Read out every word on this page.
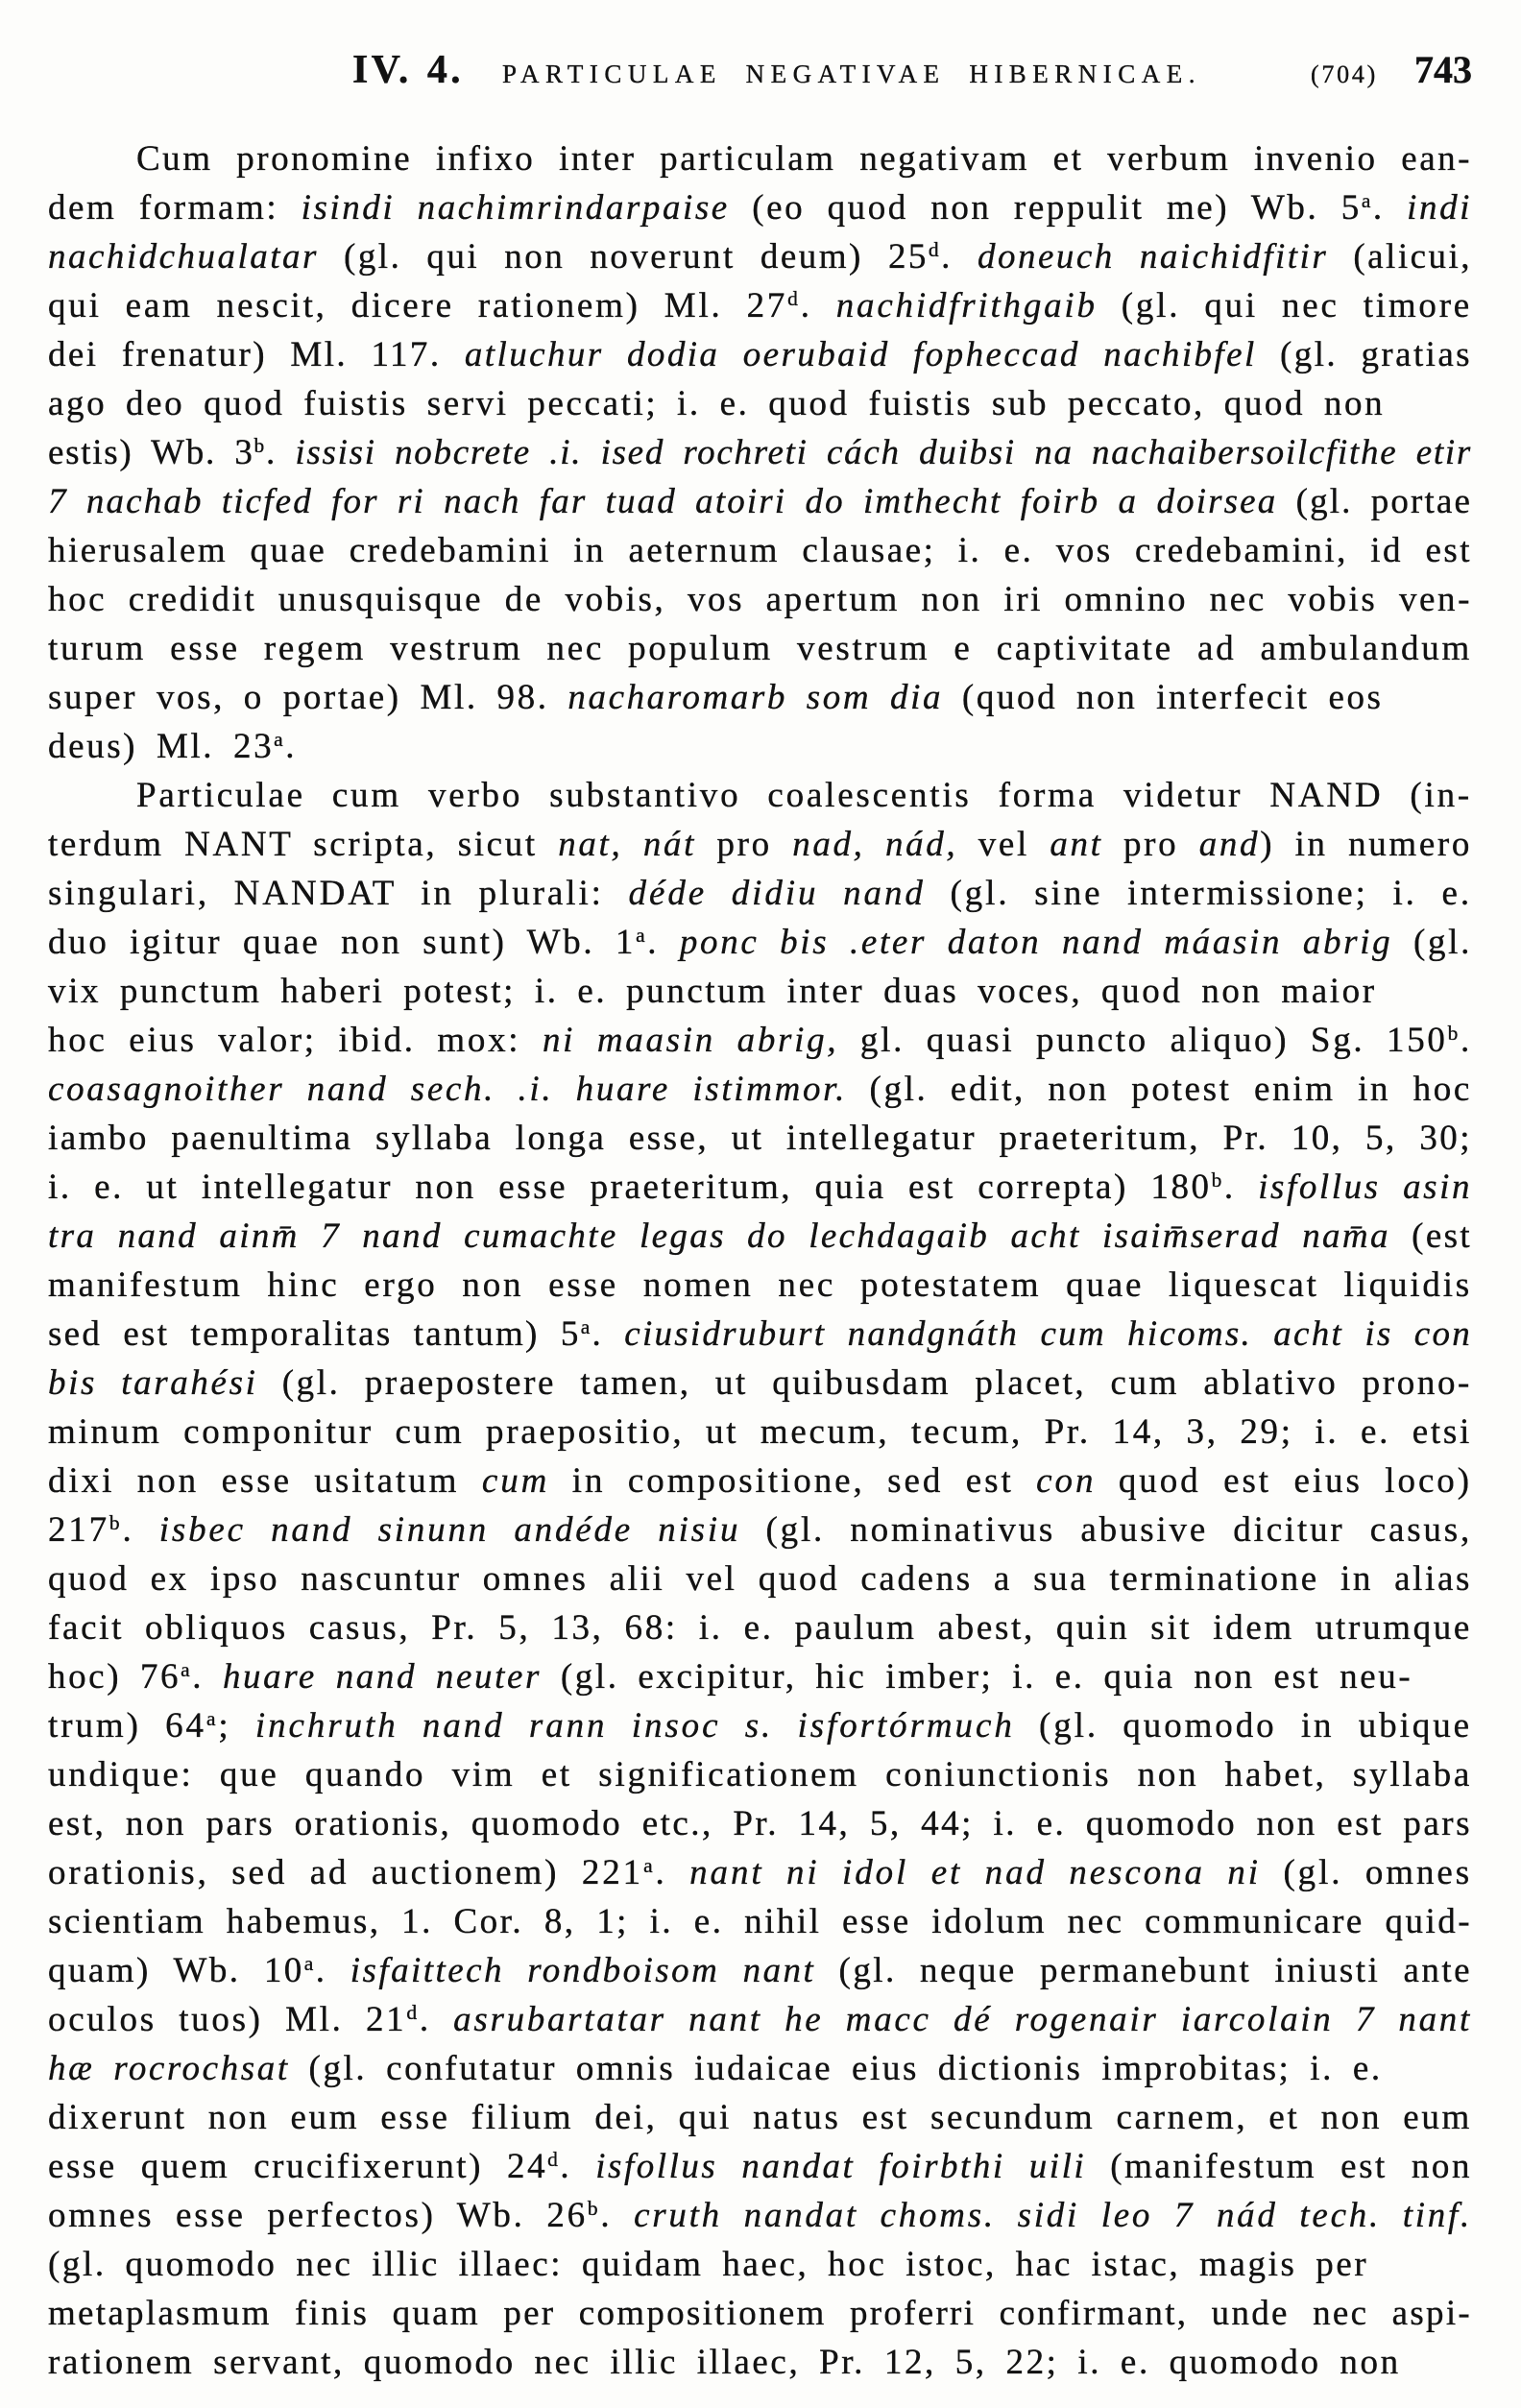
IV. 4. PARTICULAE NEGATIVAE HIBERNICAE.	(704) 743
Cum pronomine infixo inter particulam negativam et verbum invenio ean-
dem formam: isindi nachimrindarpaise (eo quod non reppulit me) Wb. 5$^a$. indi
nachidchualatar (gl. qui non noverunt deum) 25$^d$. doneuch naichidfitir (alicui,
qui eam nescit, dicere rationem) Ml. 27$^d$. nachidfrithgaib (gl. qui nec timore
dei frenatur) Ml. 117. atluchur dodia oerubaid fopheccad nachibfel (gl. gratias
ago deo quod fuistis servi peccati; i. e. quod fuistis sub peccato, quod non
estis) Wb. 3$^b$. issisi nobcrete .i. ised rochreti cách duibsi na nachaibersoilcfithe etir
7 nachab ticfed for ri nach far tuad atoiri do imthecht foirb a doirsea (gl. portae
hierusalem quae credebamini in aeternum clausae; i. e. vos credebamini, id est
hoc credidit unusquisque de vobis, vos apertum non iri omnino nec vobis ven-
turum esse regem vestrum nec populum vestrum e captivitate ad ambulandum
super vos, o portae) Ml. 98. nacharomarb som dia (quod non interfecit eos
deus) Ml. 23$^a$.
Particulae cum verbo substantivo coalescentis forma videtur NAND (in-
terdum NANT scripta, sicut nat, nát pro nad, nád, vel ant pro and) in numero
singulari, NANDAT in plurali: déde didiu nand (gl. sine intermissione; i. e.
duo igitur quae non sunt) Wb. 1$^a$. ponc bis .eter daton nand máasin abrig (gl.
vix punctum haberi potest; i. e. punctum inter duas voces, quod non maior
hoc eius valor; ibid. mox: ni maasin abrig, gl. quasi puncto aliquo) Sg. 150$^b$.
coasagnoither nand sech. .i. huare istimmor. (gl. edit, non potest enim in hoc
iambo paenultima syllaba longa esse, ut intellegatur praeteritum, Pr. 10, 5, 30;
i. e. ut intellegatur non esse praeteritum, quia est correpta) 180$^b$. isfollus asin
tra nand ainm̄ 7 nand cumachte legas do lechdagaib acht isaim̄serad nam̄a (est
manifestum hinc ergo non esse nomen nec potestatem quae liquescat liquidis
sed est temporalitas tantum) 5$^a$. ciusidruburt nandgnáth cum hicoms. acht is con
bis tarahési (gl. praepostere tamen, ut quibusdam placet, cum ablativo prono-
minum componitur cum praepositio, ut mecum, tecum, Pr. 14, 3, 29; i. e. etsi
dixi non esse usitatum cum in compositione, sed est con quod est eius loco)
217$^b$. isbec nand sinunn andéde nisiu (gl. nominativus abusive dicitur casus,
quod ex ipso nascuntur omnes alii vel quod cadens a sua terminatione in alias
facit obliquos casus, Pr. 5, 13, 68: i. e. paulum abest, quin sit idem utrumque
hoc) 76$^a$. huare nand neuter (gl. excipitur, hic imber; i. e. quia non est neu-
trum) 64$^a$; inchruth nand rann insoc s. isfortórmuch (gl. quomodo in ubique
undique: que quando vim et significationem coniunctionis non habet, syllaba
est, non pars orationis, quomodo etc., Pr. 14, 5, 44; i. e. quomodo non est pars
orationis, sed ad auctionem) 221$^a$. nant ni idol et nad nescona ni (gl. omnes
scientiam habemus, 1. Cor. 8, 1; i. e. nihil esse idolum nec communicare quid-
quam) Wb. 10$^a$. isfaittech rondboisom nant (gl. neque permanebunt iniusti ante
oculos tuos) Ml. 21$^d$. asrubartatar nant he macc dé rogenair iarcolain 7 nant
hæ rocrochsat (gl. confutatur omnis iudaicae eius dictionis improbitas; i. e.
dixerunt non eum esse filium dei, qui natus est secundum carnem, et non eum
esse quem crucifixerunt) 24$^d$. isfollus nandat foirbthi uili (manifestum est non
omnes esse perfectos) Wb. 26$^b$. cruth nandat choms. sidi leo 7 nád tech. tinf.
(gl. quomodo nec illic illaec: quidam haec, hoc istoc, hac istac, magis per
metaplasmum finis quam per compositionem proferri confirmant, unde nec aspi-
rationem servant, quomodo nec illic illaec, Pr. 12, 5, 22; i. e. quomodo non
